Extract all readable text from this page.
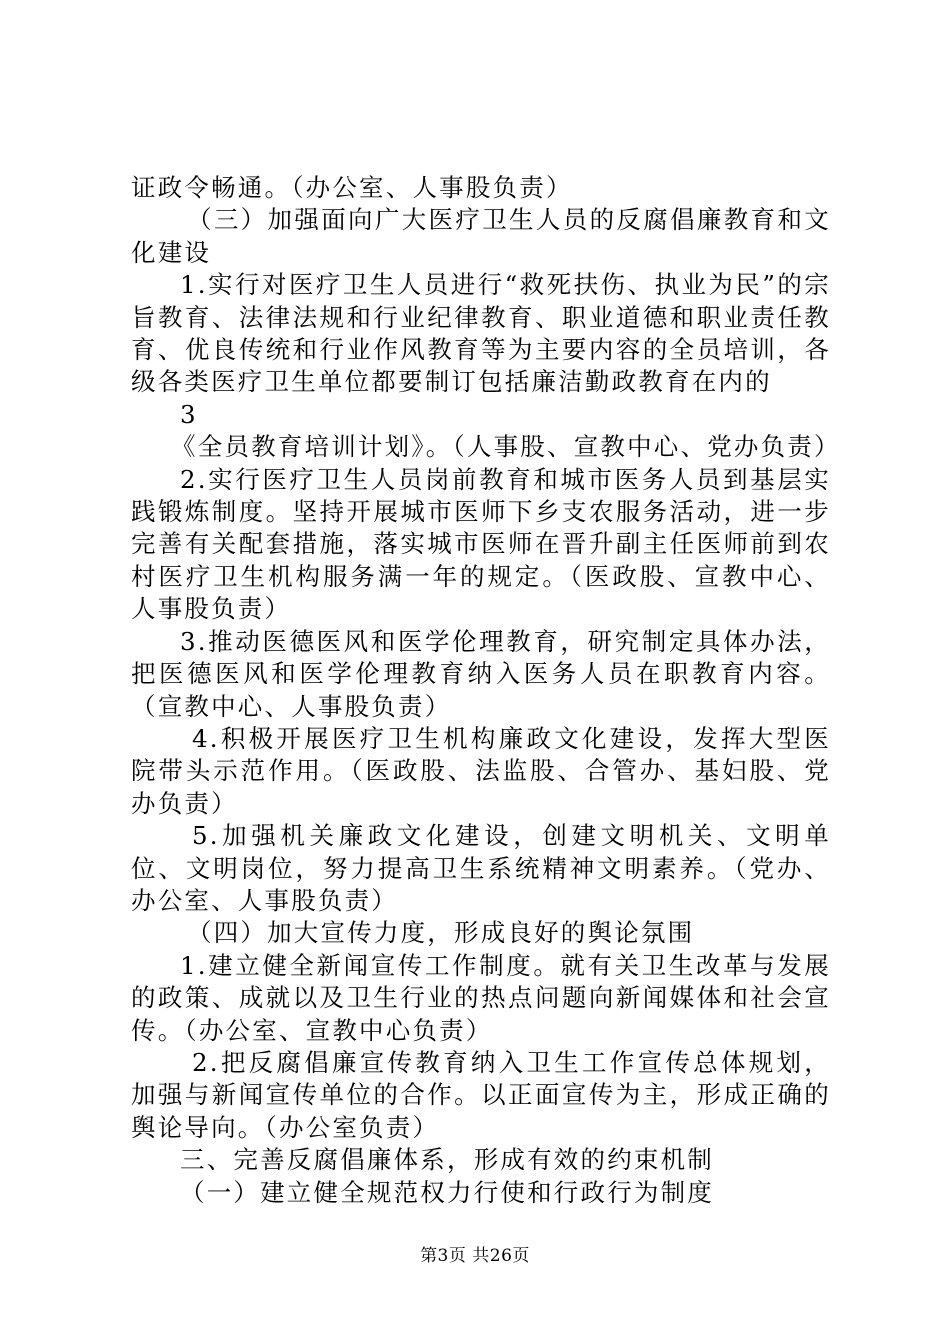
证政令畅通。（办公室、人事股负责）

（三）加强面向广大医疗卫生人员的反腐倡廉教育和文化建设

1.实行对医疗卫生人员进行“救死扶伤、执业为民”的宗旨教育、法律法规和行业纪律教育、职业道德和职业责任教育、优良传统和行业作风教育等为主要内容的全员培训，各级各类医疗卫生单位都要制订包括廉洁勤政教育在内的

3

《全员教育培训计划》。（人事股、宣教中心、党办负责）

2.实行医疗卫生人员岗前教育和城市医务人员到基层实践锻炼制度。坚持开展城市医师下乡支农服务活动，进一步完善有关配套措施，落实城市医师在晋升副主任医师前到农村医疗卫生机构服务满一年的规定。（医政股、宣教中心、人事股负责）

3.推动医德医风和医学伦理教育，研究制定具体办法，把医德医风和医学伦理教育纳入医务人员在职教育内容。（宣教中心、人事股负责）

4.积极开展医疗卫生机构廉政文化建设，发挥大型医院带头示范作用。（医政股、法监股、合管办、基妇股、党办负责）

5.加强机关廉政文化建设，创建文明机关、文明单位、文明岗位，努力提高卫生系统精神文明素养。（党办、办公室、人事股负责）

（四）加大宣传力度，形成良好的舆论氛围

1.建立健全新闻宣传工作制度。就有关卫生改革与发展的政策、成就以及卫生行业的热点问题向新闻媒体和社会宣传。（办公室、宣教中心负责）

2.把反腐倡廉宣传教育纳入卫生工作宣传总体规划，加强与新闻宣传单位的合作。以正面宣传为主，形成正确的舆论导向。（办公室负责）

三、完善反腐倡廉体系，形成有效的约束机制

（一）建立健全规范权力行使和行政行为制度

第3页 共26页
